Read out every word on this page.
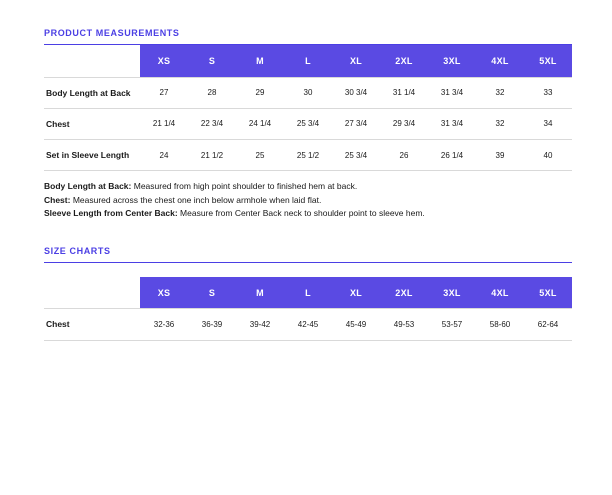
PRODUCT MEASUREMENTS
	XS	S	M	L	XL	2XL	3XL	4XL	5XL
Body Length at Back	27	28	29	30	30 3/4	31 1/4	31 3/4	32	33
Chest	21 1/4	22 3/4	24 1/4	25 3/4	27 3/4	29 3/4	31 3/4	32	34
Set in Sleeve Length	24	21 1/2	25	25 1/2	25 3/4	26	26 1/4	39	40
Body Length at Back: Measured from high point shoulder to finished hem at back.
Chest: Measured across the chest one inch below armhole when laid flat.
Sleeve Length from Center Back: Measure from Center Back neck to shoulder point to sleeve hem.
SIZE CHARTS
	XS	S	M	L	XL	2XL	3XL	4XL	5XL
Chest	32-36	36-39	39-42	42-45	45-49	49-53	53-57	58-60	62-64
